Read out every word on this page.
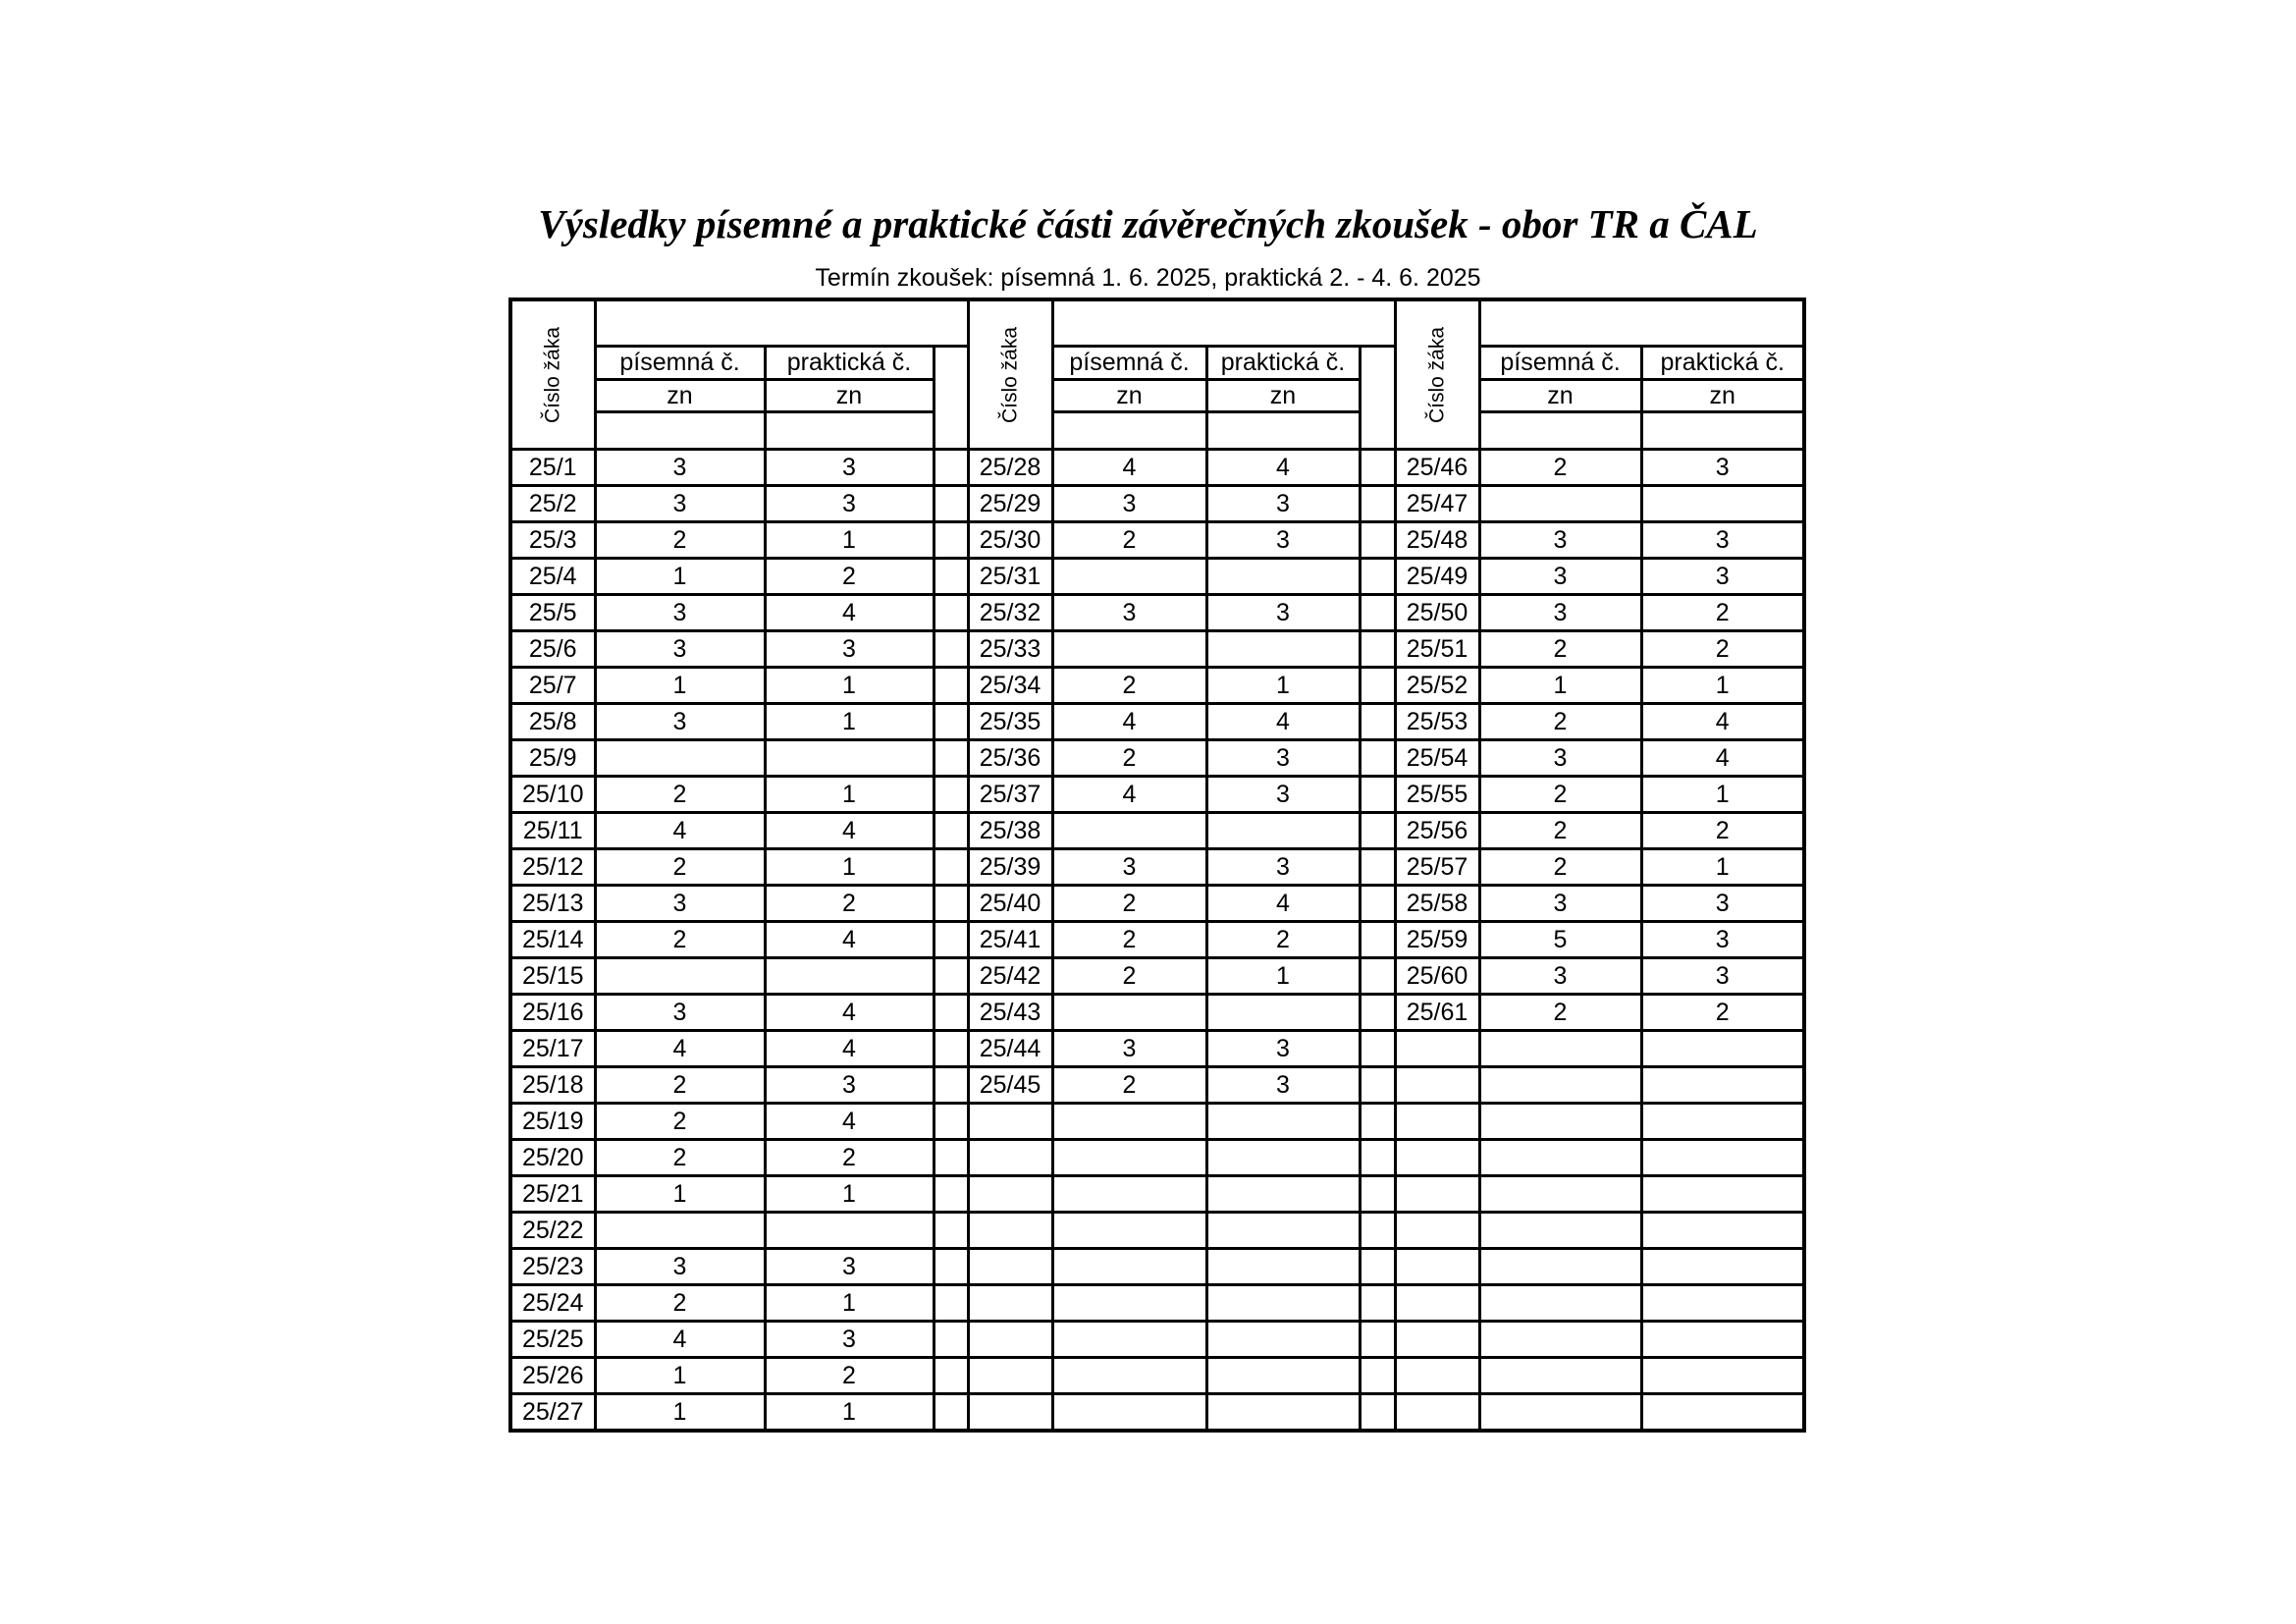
Výsledky písemné a praktické části závěrečných zkoušek - obor TR a ČAL

Termín zkoušek: písemná 1. 6. 2025, praktická 2. - 4. 6. 2025

Číslo žáka				Číslo žáka				Číslo žáka		

	písemná č.	praktická č.			písemná č.	praktická č.			písemná č.	praktická č.
	zn	zn			zn	zn			zn	zn

25/1	3	3		25/28	4	4		25/46	2	3
25/2	3	3		25/29	3	3		25/47		
25/3	2	1		25/30	2	3		25/48	3	3
25/4	1	2		25/31				25/49	3	3
25/5	3	4		25/32	3	3		25/50	3	2
25/6	3	3		25/33				25/51	2	2
25/7	1	1		25/34	2	1		25/52	1	1
25/8	3	1		25/35	4	4		25/53	2	4
25/9				25/36	2	3		25/54	3	4
25/10	2	1		25/37	4	3		25/55	2	1
25/11	4	4		25/38				25/56	2	2
25/12	2	1		25/39	3	3		25/57	2	1
25/13	3	2		25/40	2	4		25/58	3	3
25/14	2	4		25/41	2	2		25/59	5	3
25/15				25/42	2	1		25/60	3	3
25/16	3	4		25/43				25/61	2	2
25/17	4	4		25/44	3	3				
25/18	2	3		25/45	2	3				
25/19	2	4								
25/20	2	2								
25/21	1	1								
25/22										
25/23	3	3								
25/24	2	1								
25/25	4	3								
25/26	1	2								
25/27	1	1								
